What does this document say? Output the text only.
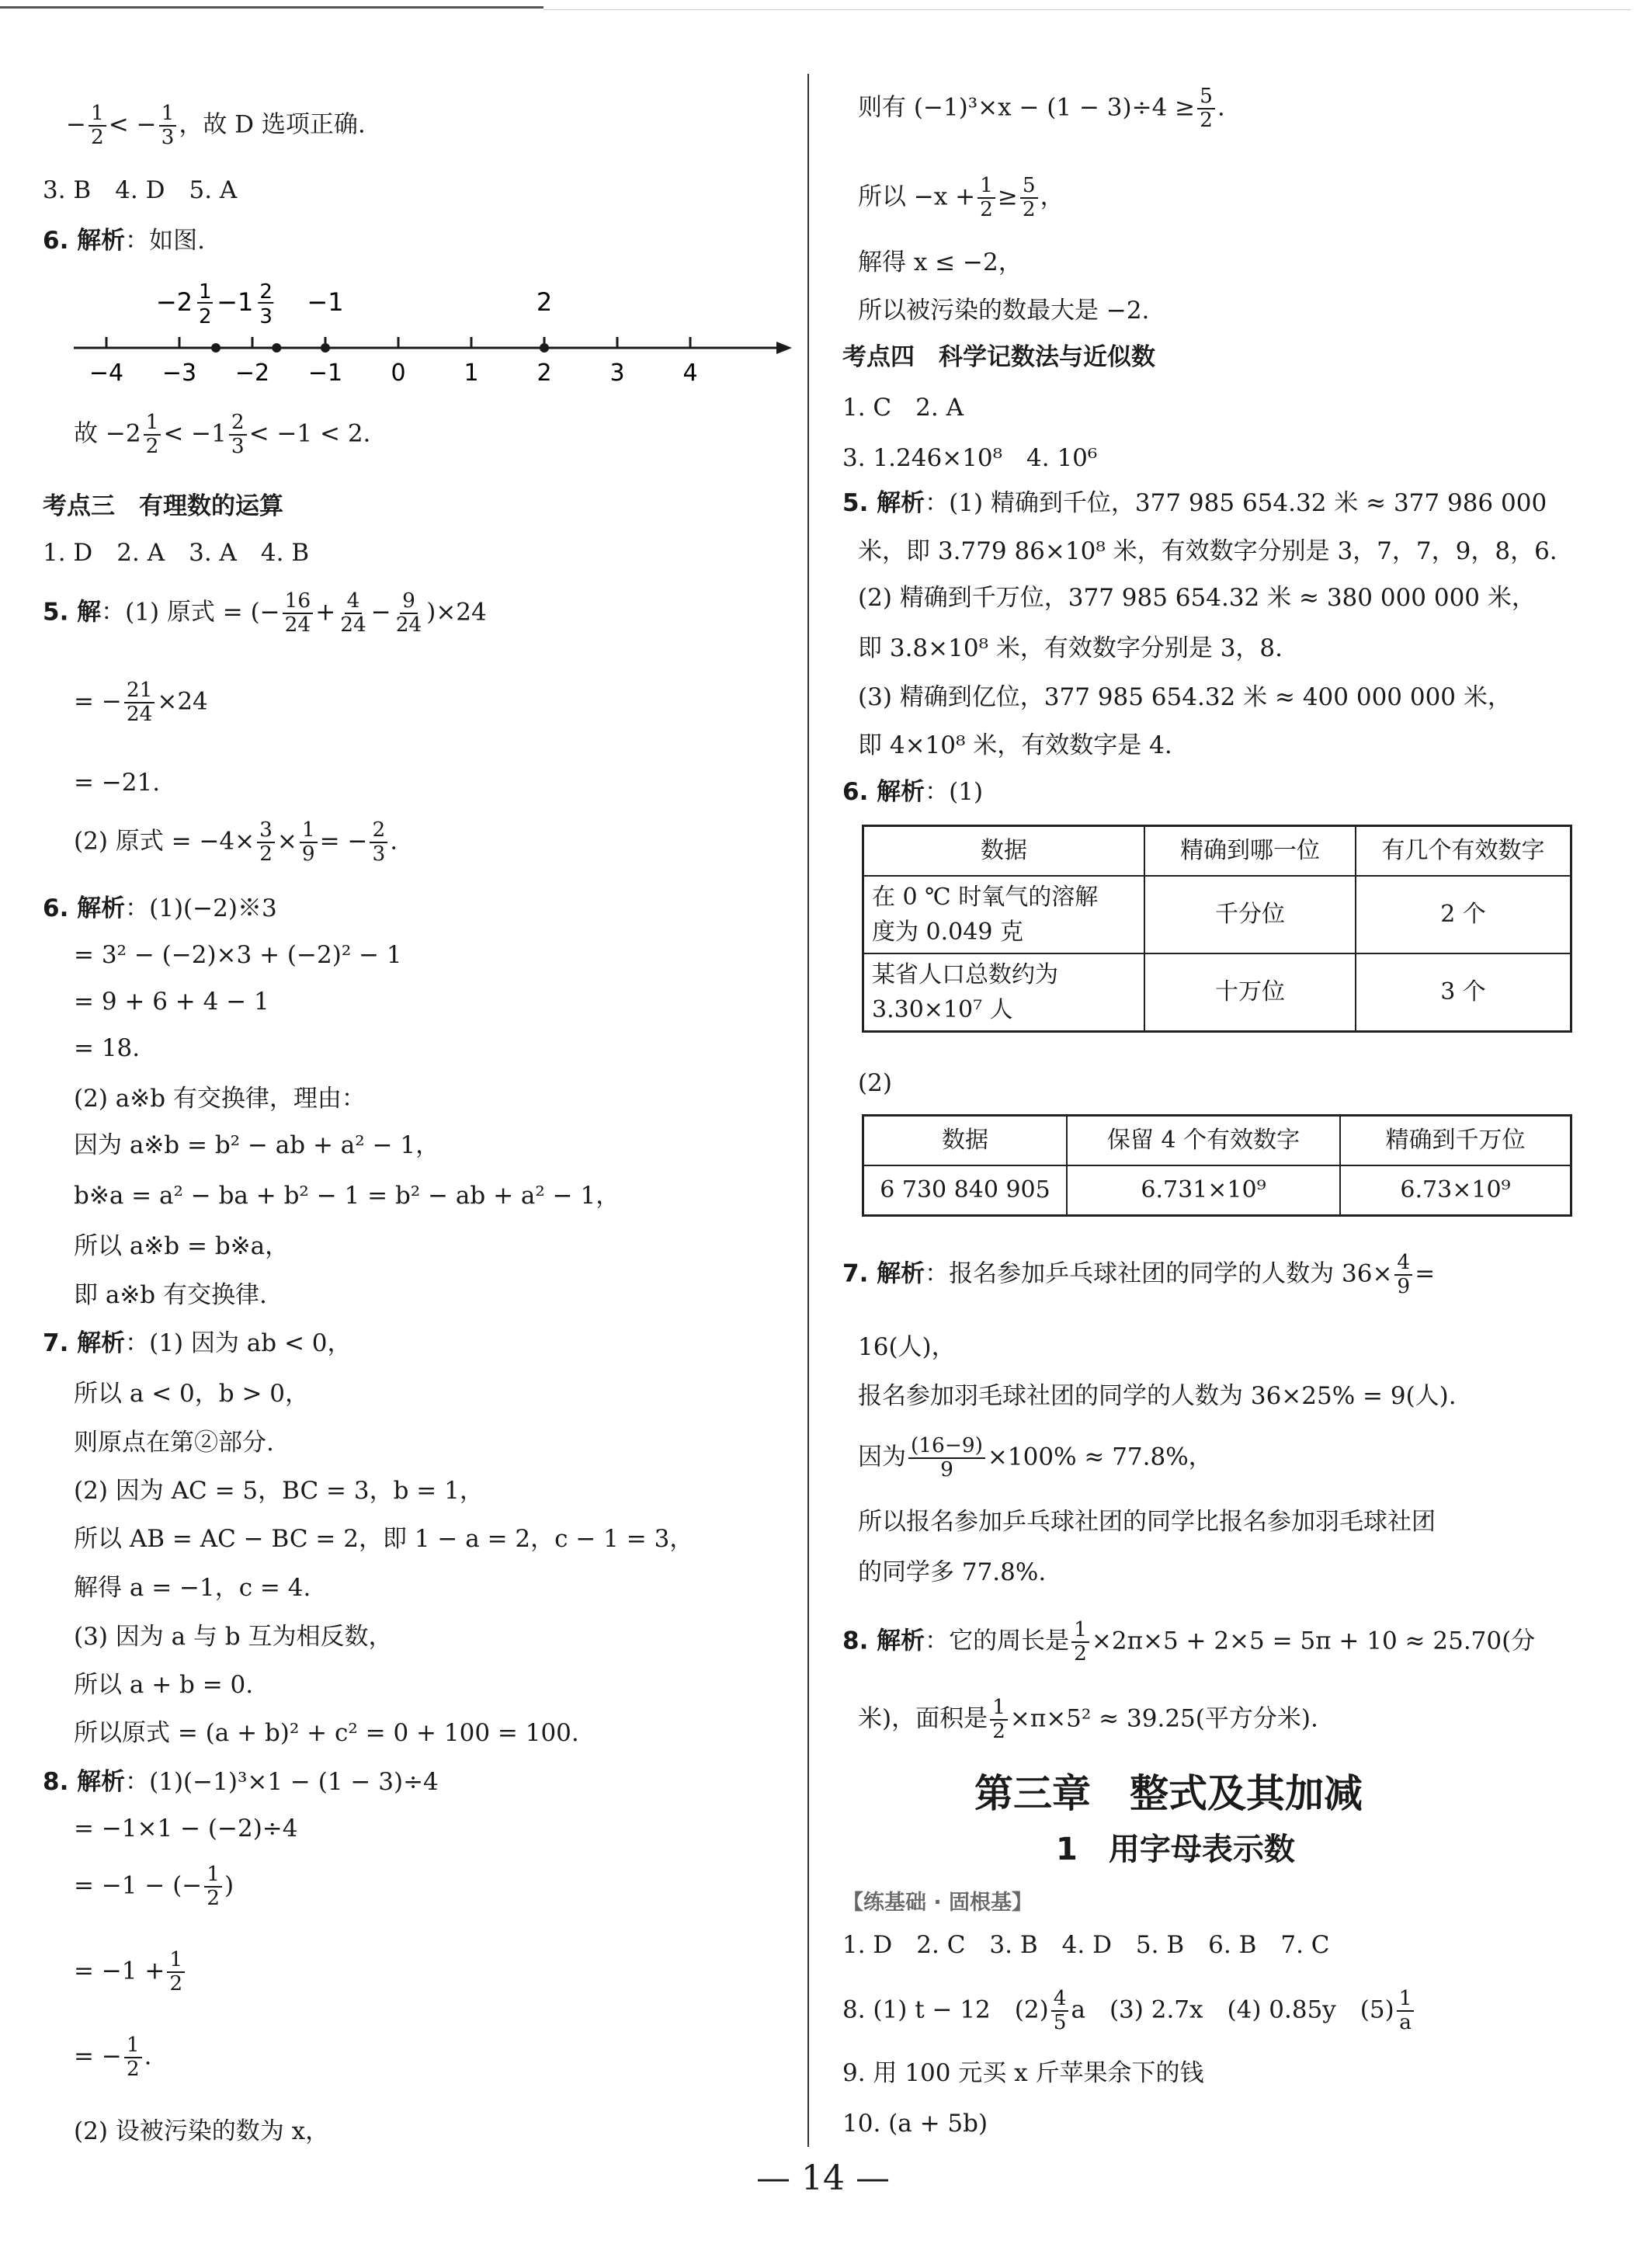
− $\frac{1}{2}$ < − $\frac{1}{3}$ ，故 D 选项正确.
3. B　4. D　5. A
6. 解析：如图.
−4 −3 −2 −1 0 1 2 3 4
−2 1
2 −1 2
3 −1	2
故 $-2 \frac{1}{2} < -1 \frac{2}{3} < -1 < 2$.
考点三　有理数的运算
1. D　2. A　3. A　4. B
5. 解：(1) 原式 = (− $\frac{16}{24} + \frac{4}{24} - \frac{9}{24} )\times 24$
= − $\frac{21}{24} \times 24$
= −21.
(2) 原式 = $-4\times \frac{3}{2} \times \frac{1}{9}$ = − $\frac{2}{3}$ .
6. 解析：(1)(−2)※3
= 3² − (−2)×3 + (−2)² − 1
= 9 + 6 + 4 − 1
= 18.
(2) a※b 有交换律，理由：
因为 a※b = b² − ab + a² − 1，
b※a = a² − ba + b² − 1 = b² − ab + a² − 1，
所以 a※b = b※a，
即 a※b 有交换律.
7. 解析：(1) 因为 ab < 0，
所以 a < 0，b > 0，
则原点在第②部分.
(2) 因为 AC = 5，BC = 3，b = 1，
所以 AB = AC − BC = 2，即 1 − a = 2，c − 1 = 3，
解得 a = −1，c = 4.
(3) 因为 a 与 b 互为相反数，
所以 a + b = 0.
所以原式 = (a + b)² + c² = 0 + 100 = 100.
8. 解析：(1)(−1)³×1 − (1 − 3)÷4
= −1×1 − (−2)÷4
= −1 − (− $\frac{1}{2}$ )
= $-1 + \frac{1}{2}$
= − $\frac{1}{2}$ .
(2) 设被污染的数为 x，
则有 $(-1)^3\times x - (1 - 3)\div 4 \ge \frac{5}{2}$ .
所以 $-x + \frac{1}{2} \ge \frac{5}{2}$ ，
解得 x ≤ −2，
所以被污染的数最大是 −2.
考点四　科学记数法与近似数
1. C　2. A
3. 1.246×10⁸　4. 10⁶
5. 解析：(1) 精确到千位，377 985 654.32 米 ≈ 377 986 000
米，即 3.779 86×10⁸ 米，有效数字分别是 3，7，7，9，8，6.
(2) 精确到千万位，377 985 654.32 米 ≈ 380 000 000 米，
即 3.8×10⁸ 米，有效数字分别是 3，8.
(3) 精确到亿位，377 985 654.32 米 ≈ 400 000 000 米，
即 4×10⁸ 米，有效数字是 4.
6. 解析：(1)
数据	精确到哪一位	有几个有效数字
在 0 ℃ 时氧气的溶解
度为 0.049 克	千分位	2 个
某省人口总数约为
3.30×10⁷ 人	十万位	3 个
(2)
数据	保留 4 个有效数字	精确到千万位
6 730 840 905	6.731×10⁹	6.73×10⁹
7. 解析：报名参加乒乓球社团的同学的人数为 $36\times \frac{4}{9}$ =
16(人)，
报名参加羽毛球社团的同学的人数为 36×25% = 9(人).
因为 $\frac{(16-9)}{9} \times 100\% \approx 77.8\%$，
所以报名参加乒乓球社团的同学比报名参加羽毛球社团
的同学多 77.8%.
8. 解析：它的周长是 $\frac{1}{2} \times 2\pi\times 5 + 2\times 5 = 5\pi + 10 \approx 25.70$(分
米)，面积是 $\frac{1}{2} \times\pi\times 5^2 \approx 39.25$(平方分米).
第三章　整式及其加减
1　用字母表示数
【练基础 · 固根基】
1. D　2. C　3. B　4. D　5. B　6. B　7. C
8. (1) t − 12　$(2) \frac{4}{5}$ a　(3) 2.7x　(4) 0.85y　$(5) \frac{1}{a}$
9. 用 100 元买 x 斤苹果余下的钱
10. (a + 5b)
— 14 —
